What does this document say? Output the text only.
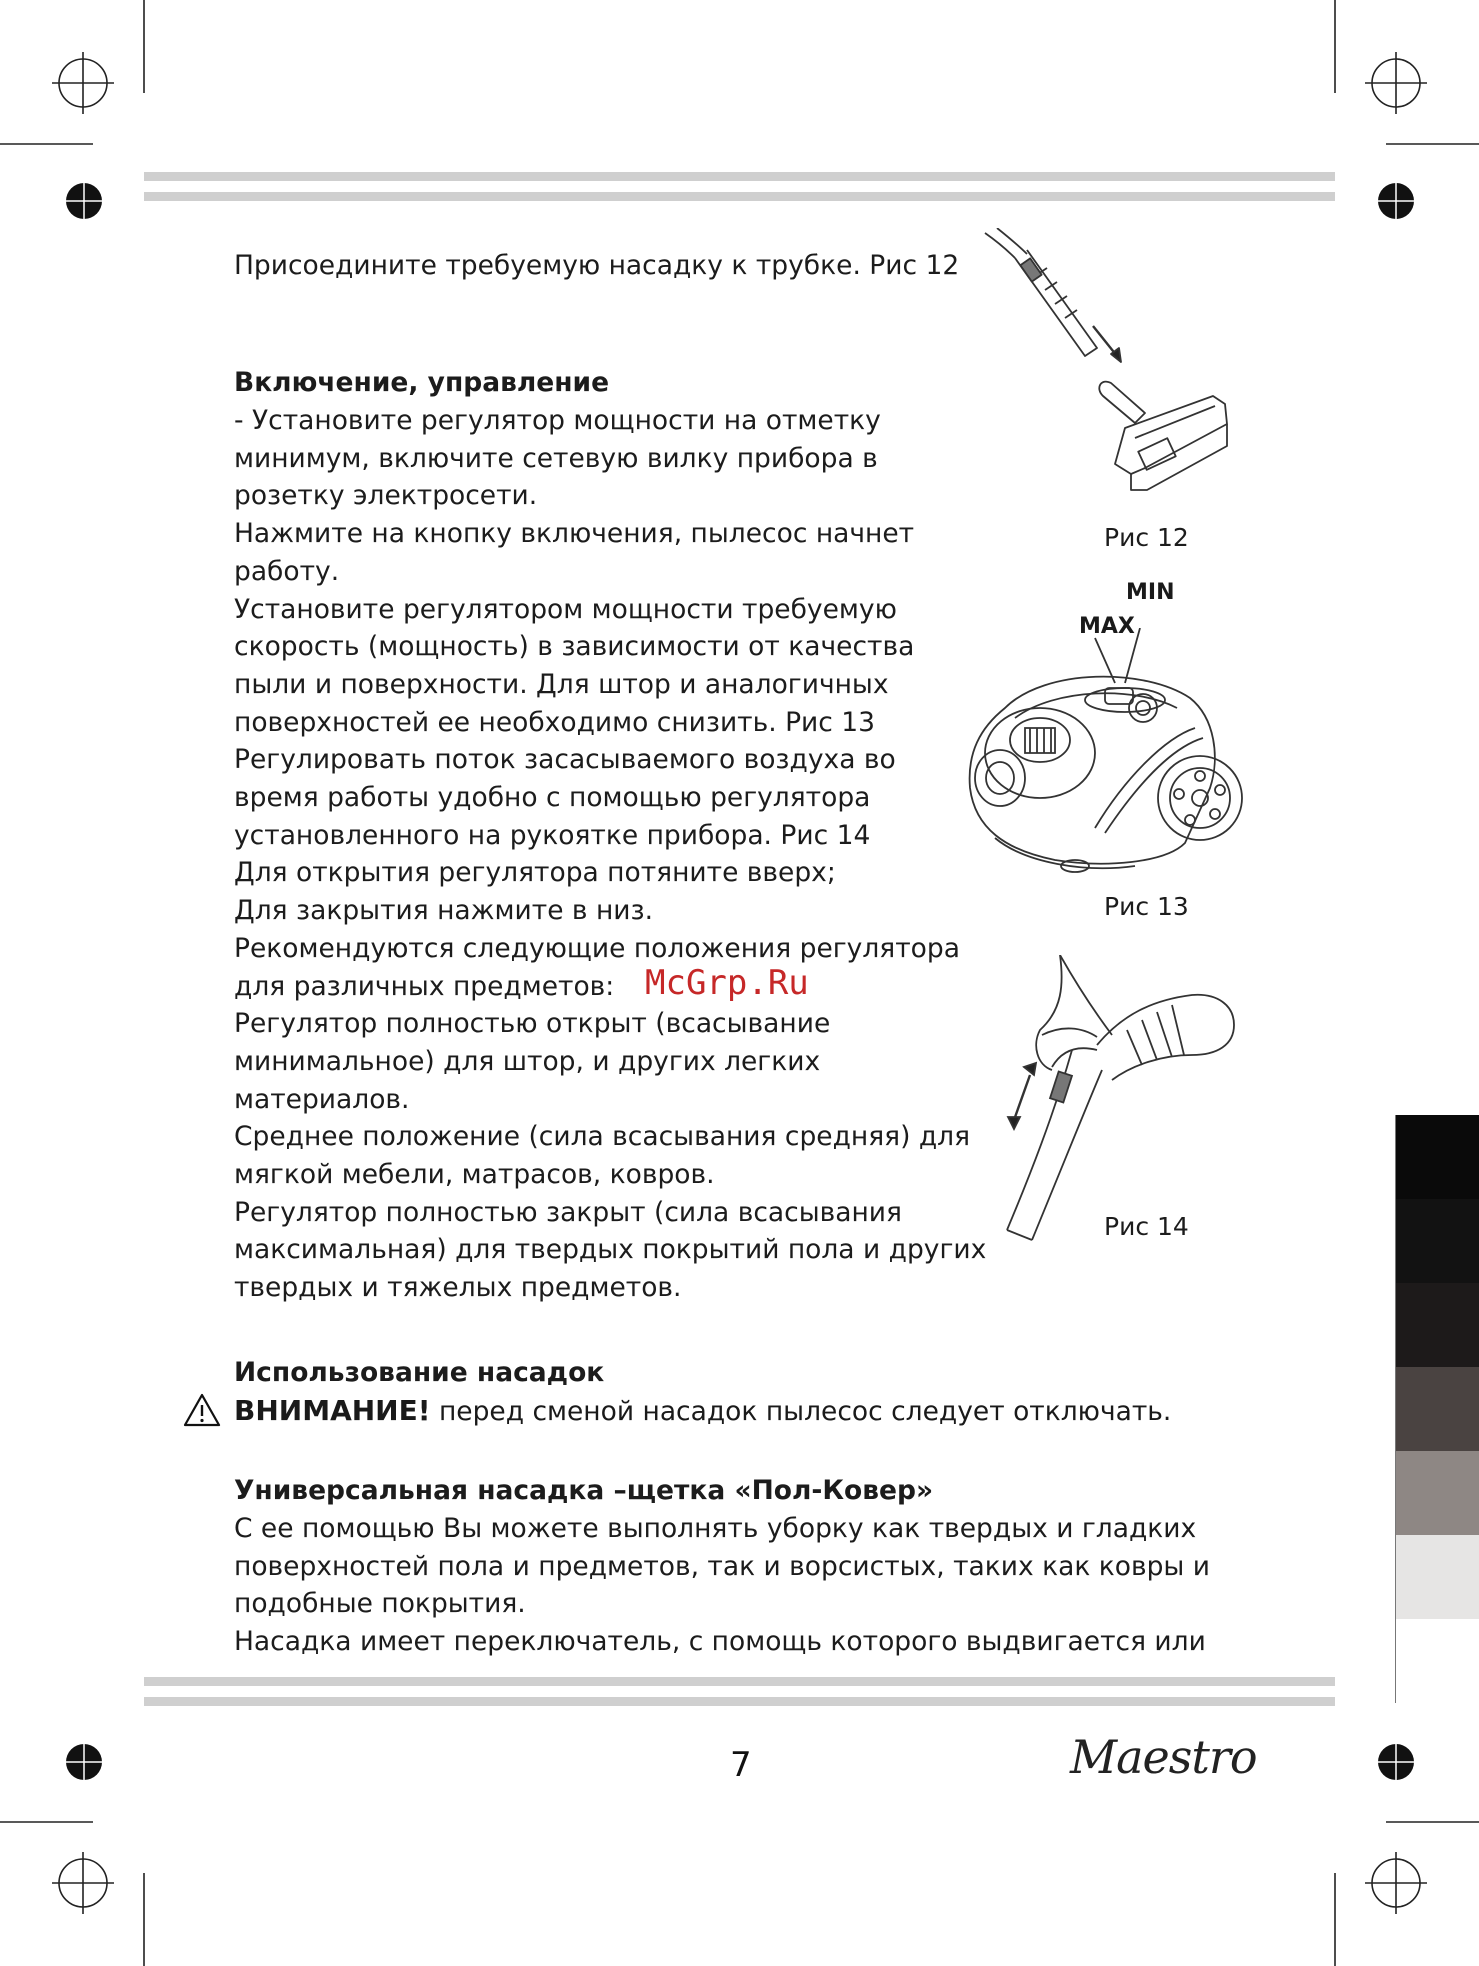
Присоедините требуемую насадку к трубке. Рис 12
Включение, управление
- Установите регулятор мощности на отметку
минимум, включите сетевую вилку прибора в
розетку электросети.
Нажмите на кнопку включения, пылесос начнет
работу.
Установите регулятором мощности требуемую
скорость (мощность) в зависимости от качества
пыли и поверхности. Для штор и аналогичных
поверхностей ее необходимо снизить. Рис 13
Регулировать поток засасываемого воздуха во
время работы удобно с помощью регулятора
установленного на рукоятке прибора. Рис 14
Для открытия регулятора потяните вверх;
Для закрытия нажмите в низ.
Рекомендуются следующие положения регулятора
для различных предметов:
Регулятор полностью открыт (всасывание
минимальное) для штор, и других легких
материалов.
Среднее положение (сила всасывания средняя) для
мягкой мебели, матрасов, ковров.
Регулятор полностью закрыт (сила всасывания
максимальная) для твердых покрытий пола и других
твердых и тяжелых предметов.
McGrp.Ru
Использование насадок
ВНИМАНИЕ! перед сменой насадок пылесос следует отключать.
Универсальная насадка –щетка «Пол-Ковер»
С ее помощью Вы можете выполнять уборку как твердых и гладких
поверхностей пола и предметов, так и ворсистых, таких как ковры и
подобные покрытия.
Насадка имеет переключатель, с помощь которого выдвигается или
Рис 12
MIN
MAX
Рис 13
Рис 14
7	Maestro
